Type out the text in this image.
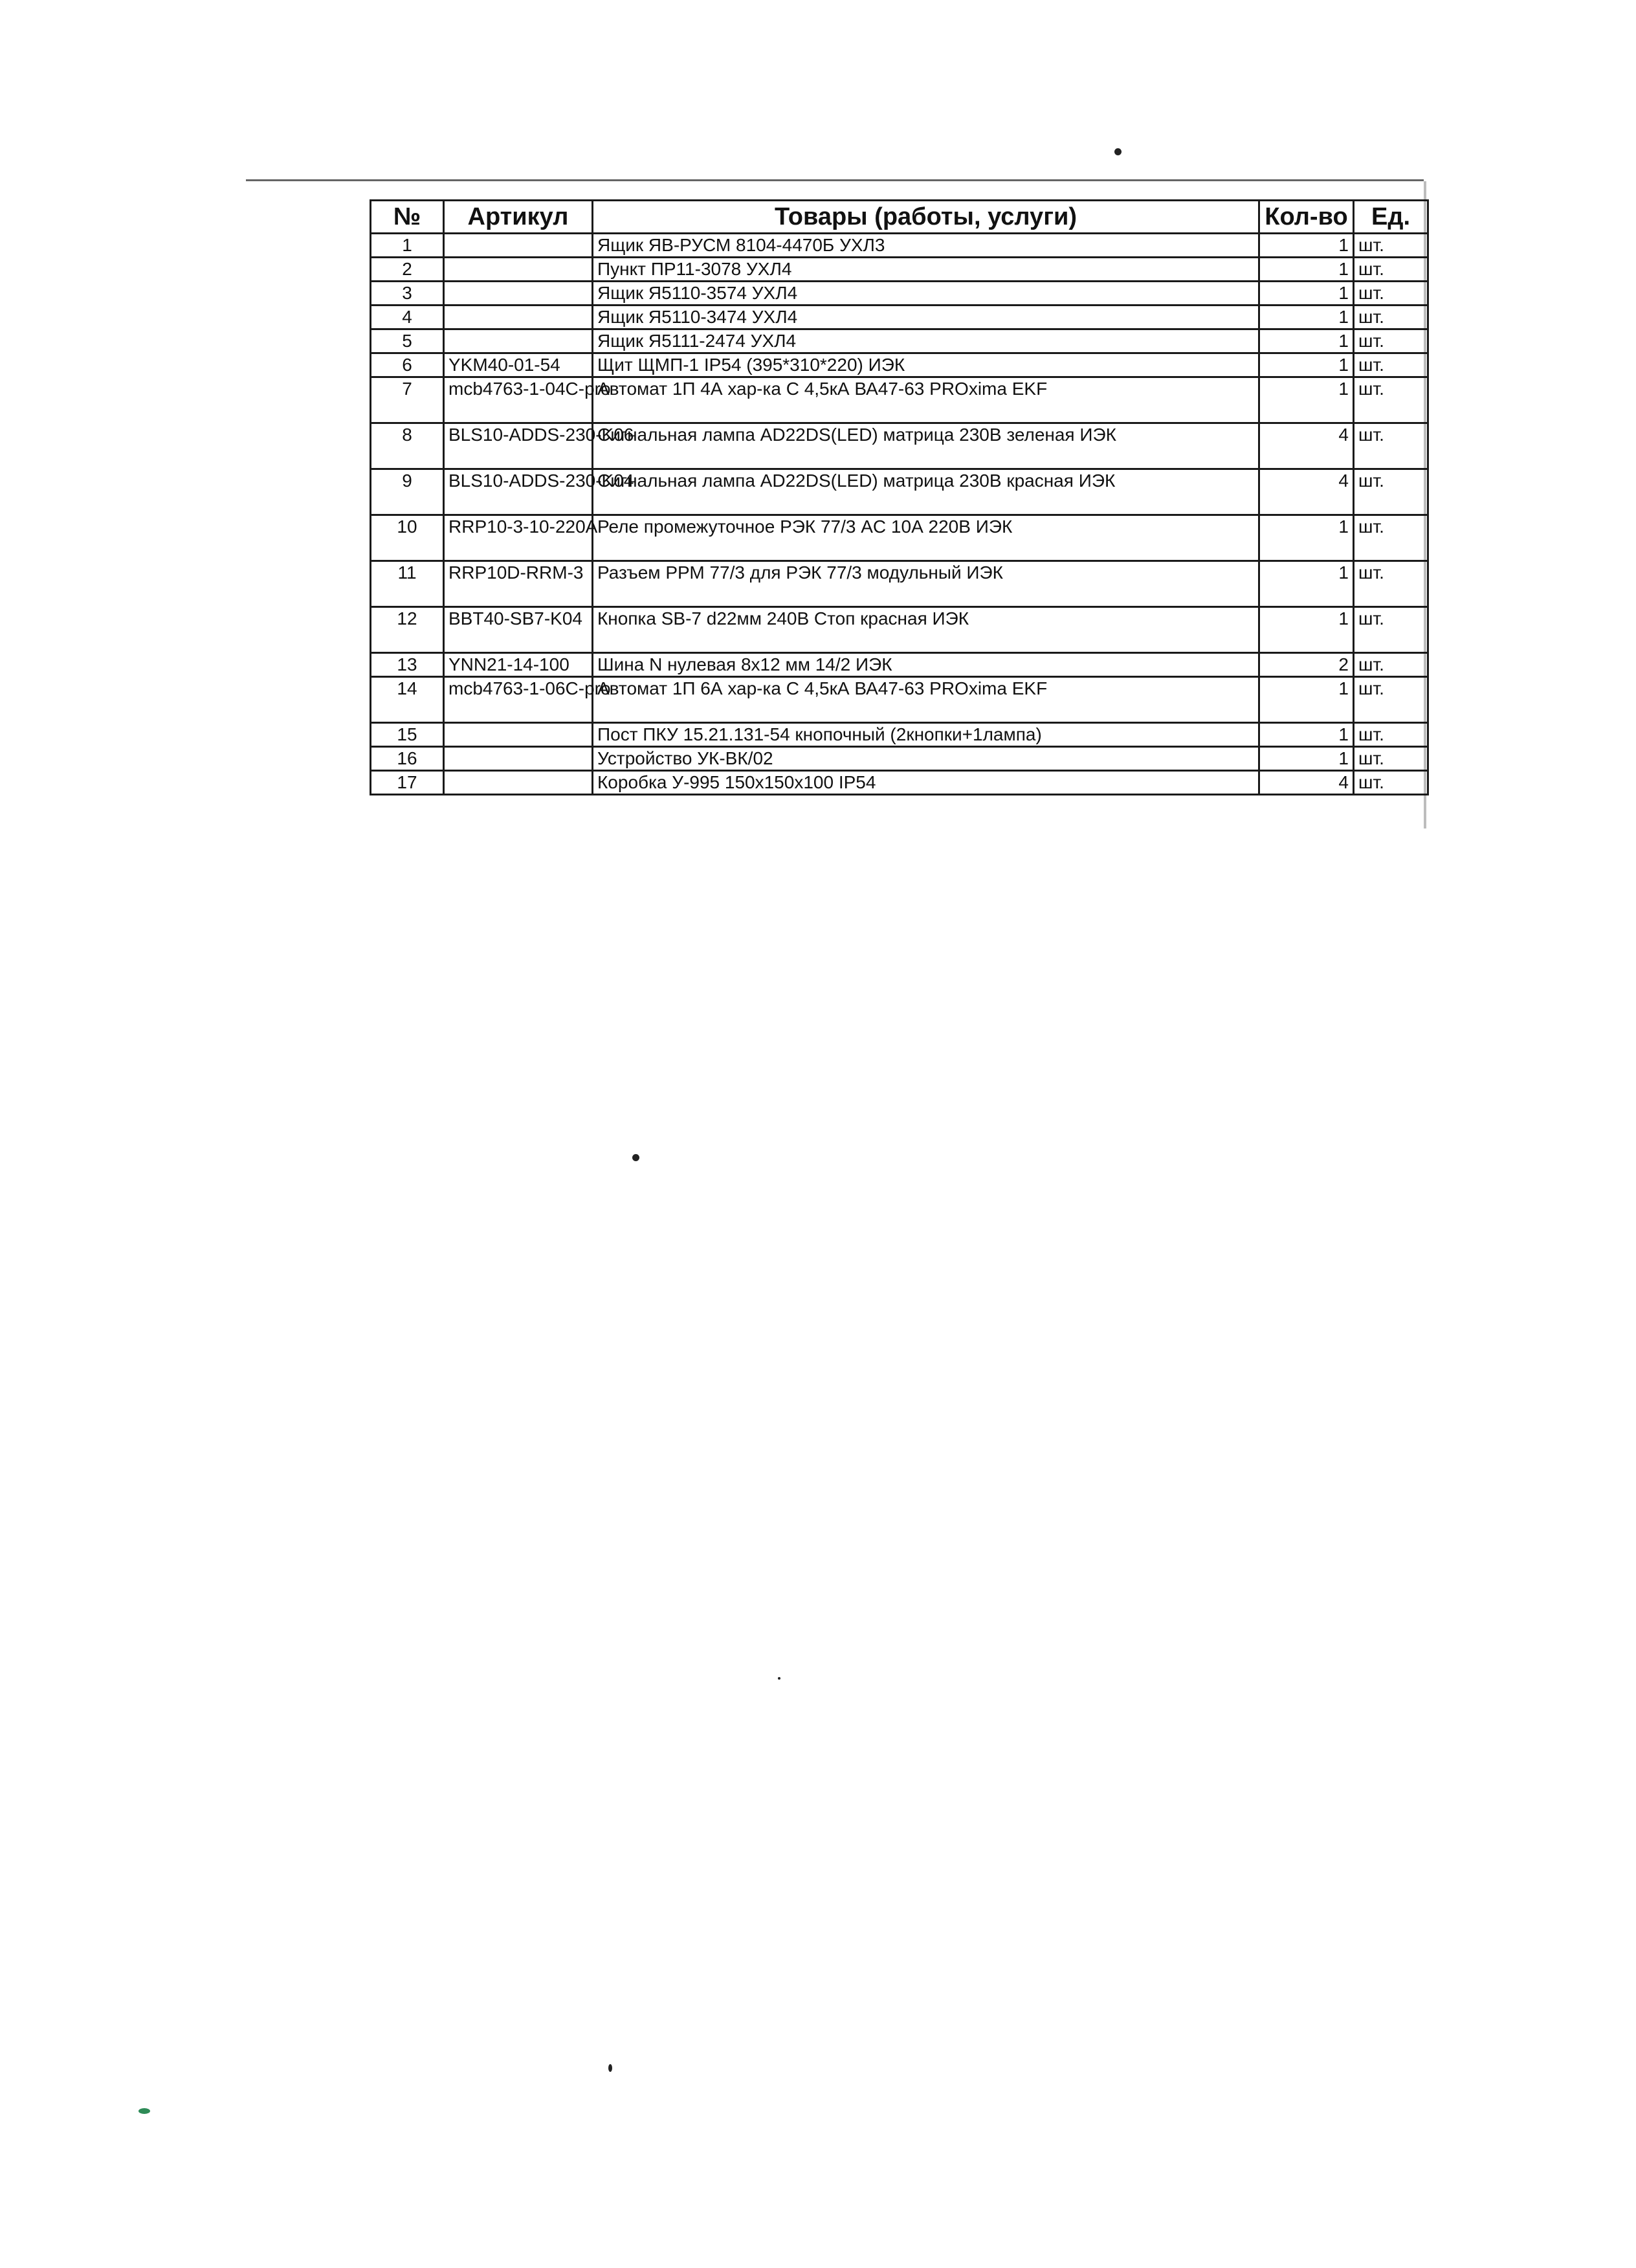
№	Артикул	Товары (работы, услуги)	Кол-во	Ед.
1		Ящик ЯВ-РУСМ 8104-4470Б УХЛ3	1	шт.
2		Пункт ПР11-3078 УХЛ4	1	шт.
3		Ящик Я5110-3574 УХЛ4	1	шт.
4		Ящик Я5110-3474 УХЛ4	1	шт.
5		Ящик Я5111-2474 УХЛ4	1	шт.
6	YKM40-01-54	Щит ЩМП-1 IP54 (395*310*220) ИЭК	1	шт.
7	mcb4763-1-04C-pro	Автомат 1П 4А хар-ка С 4,5кА ВА47-63 PROxima EKF	1	шт.
8	BLS10-ADDS-230-K06	Сигнальная лампа AD22DS(LED) матрица 230В зеленая ИЭК	4	шт.
9	BLS10-ADDS-230-K04	Сигнальная лампа AD22DS(LED) матрица 230В красная ИЭК	4	шт.
10	RRP10-3-10-220A	Реле промежуточное РЭК 77/3 AC 10А 220В ИЭК	1	шт.
11	RRP10D-RRM-3	Разъем РРМ 77/3 для РЭК 77/3 модульный ИЭК	1	шт.
12	BBT40-SB7-K04	Кнопка SB-7 d22мм 240В Стоп красная ИЭК	1	шт.
13	YNN21-14-100	Шина N нулевая 8х12 мм 14/2 ИЭК	2	шт.
14	mcb4763-1-06C-pro	Автомат 1П 6А хар-ка С 4,5кА ВА47-63 PROxima EKF	1	шт.
15		Пост ПКУ 15.21.131-54 кнопочный (2кнопки+1лампа)	1	шт.
16		Устройство УК-ВК/02	1	шт.
17		Коробка У-995 150х150х100 IP54	4	шт.
